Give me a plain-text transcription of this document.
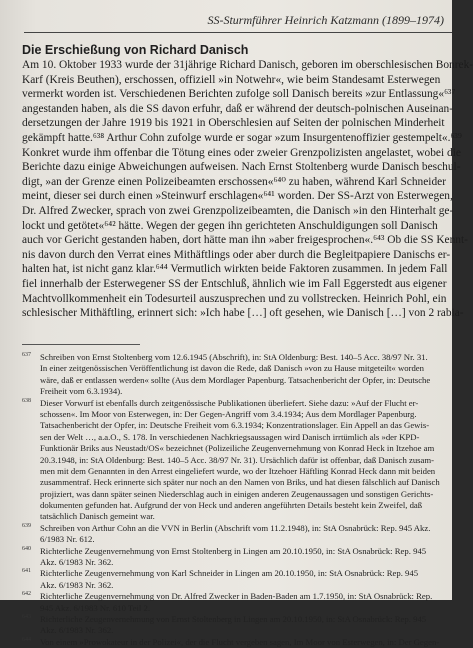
SS-Sturmführer Heinrich Katzmann (1899–1974)
Die Erschießung von Richard Danisch
Am 10. Oktober 1933 wurde der 31jährige Richard Danisch, geboren im oberschlesischen Bonrek-
Karf (Kreis Beuthen), erschossen, offiziell »in Notwehr«, wie beim Standesamt Esterwegen
vermerkt worden ist. Verschiedenen Berichten zufolge soll Danisch bereits »zur Entlassung«⁶³⁷
angestanden haben, als die SS davon erfuhr, daß er während der deutsch-polnischen Auseinan-
dersetzungen der Jahre 1919 bis 1921 in Oberschlesien auf Seiten der polnischen Minderheit
gekämpft hatte.⁶³⁸ Arthur Cohn zufolge wurde er sogar »zum Insurgentenoffizier gestempelt«.⁶³⁹
Konkret wurde ihm offenbar die Tötung eines oder zweier Grenzpolizisten angelastet, wobei die
Berichte dazu einige Abweichungen aufweisen. Nach Ernst Stoltenberg wurde Danisch beschul-
digt, »an der Grenze einen Polizeibeamten erschossen«⁶⁴⁰ zu haben, während Karl Schneider
meint, dieser sei durch einen »Steinwurf erschlagen«⁶⁴¹ worden. Der SS-Arzt von Esterwegen,
Dr. Alfred Zwecker, sprach von zwei Grenzpolizeibeamten, die Danisch »in den Hinterhalt ge-
lockt und getötet«⁶⁴² hätte. Wegen der gegen ihn gerichteten Anschuldigungen soll Danisch
auch vor Gericht gestanden haben, dort hätte man ihn »aber freigesprochen«.⁶⁴³ Ob die SS Kennt-
nis davon durch den Verrat eines Mithäftlings oder aber durch die Begleitpapiere Danischs er-
halten hat, ist nicht ganz klar.⁶⁴⁴ Vermutlich wirkten beide Faktoren zusammen. In jedem Fall
fiel innerhalb der Esterwegener SS der Entschluß, ähnlich wie im Fall Eggerstedt aus eigener
Machtvollkommenheit ein Todesurteil auszusprechen und zu vollstrecken. Heinrich Pohl, ein
schlesischer Mithäftling, erinnert sich: »Ich habe […] oft gesehen, wie Danisch […] von 2 rabia-
637 Schreiben von Ernst Stoltenberg vom 12.6.1945 (Abschrift), in: StA Oldenburg: Best. 140–5 Acc. 38/97 Nr. 31.
In einer zeitgenössischen Veröffentlichung ist davon die Rede, daß Danisch »von zu Hause mitgeteilt« worden
wäre, daß er entlassen werden« sollte (Aus dem Mordlager Papenburg. Tatsachenbericht der Opfer, in: Deutsche
Freiheit vom 6.3.1934).
638 Dieser Vorwurf ist ebenfalls durch zeitgenössische Publikationen überliefert. Siehe dazu: »Auf der Flucht er-
schossen«. Im Moor von Esterwegen, in: Der Gegen-Angriff vom 3.4.1934; Aus dem Mordlager Papenburg.
Tatsachenbericht der Opfer, in: Deutsche Freiheit vom 6.3.1934; Konzentrationslager. Ein Appell an das Gewis-
sen der Welt …, a.a.O., S. 178. In verschiedenen Nachkriegsaussagen wird Danisch irrtümlich als »der KPD-
Funktionär Briks aus Neustadt/OS« bezeichnet (Polizeiliche Zeugenvernehmung von Konrad Heck in Itzehoe am
20.3.1948, in: StA Oldenburg: Best. 140–5 Acc. 38/97 Nr. 31). Ursächlich dafür ist offenbar, daß Danisch zusam-
men mit dem Genannten in den Arrest eingeliefert wurde, wo der Itzehoer Häftling Konrad Heck dann mit beiden
zusammentraf. Heck erinnerte sich später nur noch an den Namen von Briks, und hat diesen fälschlich auf Danisch
projiziert, was dann später seinen Niederschlag auch in einigen anderen Zeugenaussagen und sonstigen Gerichts-
dokumenten gefunden hat. Aufgrund der von Heck und anderen angeführten Details besteht kein Zweifel, daß
tatsächlich Danisch gemeint war.
639 Schreiben von Arthur Cohn an die VVN in Berlin (Abschrift vom 11.2.1948), in: StA Osnabrück: Rep. 945 Akz.
6/1983 Nr. 612.
640 Richterliche Zeugenvernehmung von Ernst Stoltenberg in Lingen am 20.10.1950, in: StA Osnabrück: Rep. 945
Akz. 6/1983 Nr. 362.
641 Richterliche Zeugenvernehmung von Karl Schneider in Lingen am 20.10.1950, in: StA Osnabrück: Rep. 945
Akz. 6/1983 Nr. 362.
642 Richterliche Zeugenvernehmung von Dr. Alfred Zwecker in Baden-Baden am 1.7.1950, in: StA Osnabrück: Rep.
945 Akz. 6/1983 Nr. 610 Teil 2.
643 Richterliche Zeugenvernehmung von Ernst Stoltenberg in Lingen am 20.10.1950, in: StA Osnabrück: Rep. 945
Akz. 6/1983 Nr. 362.
644 Von einem »Prowokateur in der Polizei«, der die Flucht vergeben sagen, Im Moor von Esterwegen, in: Der Gegen-
